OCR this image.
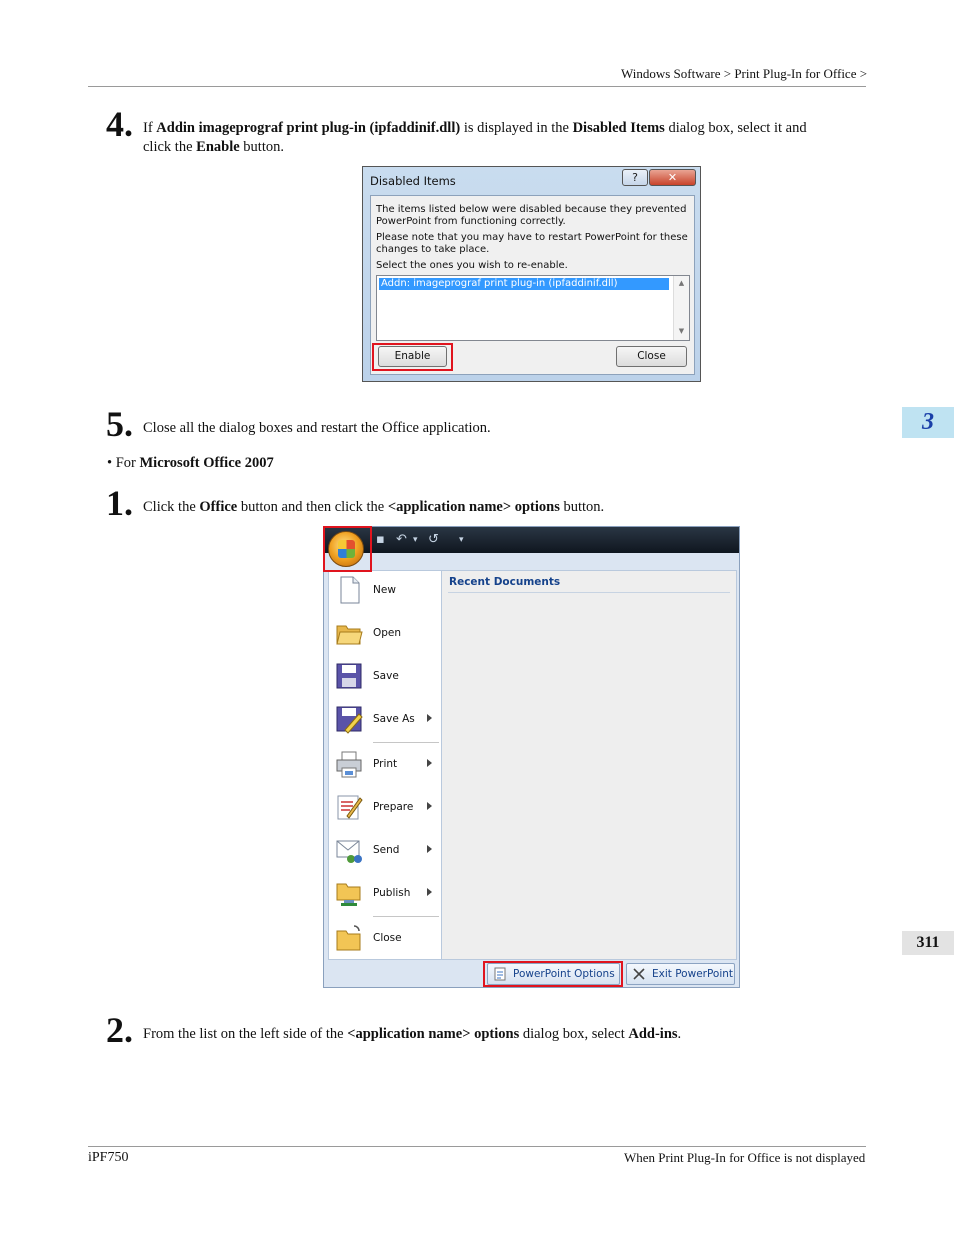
Windows Software > Print Plug-In for Office >
4. If Addin imageprograf print plug-in (ipfaddinif.dll) is displayed in the Disabled Items dialog box, select it and
click the Enable button.
Disabled Items	?	✕
The items listed below were disabled because they prevented
PowerPoint from functioning correctly.
Please note that you may have to restart PowerPoint for these
changes to take place.
Select the ones you wish to re-enable.
Addn: imageprograf print plug-in (ipfaddinif.dll)	▲
▼
Enable	Close
5. Close all the dialog boxes and restart the Office application.
• For Microsoft Office 2007
1. Click the Office button and then click the <application name> options button.
▪ ↶ ▾ ↺ ▾
New
Open
Save
Save As
Print
Prepare
Send
Publish
Close
Recent Documents
PowerPoint Options	Exit PowerPoint
2. From the list on the left side of the <application name> options dialog box, select Add-ins.
3
311
iPF750	When Print Plug-In for Office is not displayed
